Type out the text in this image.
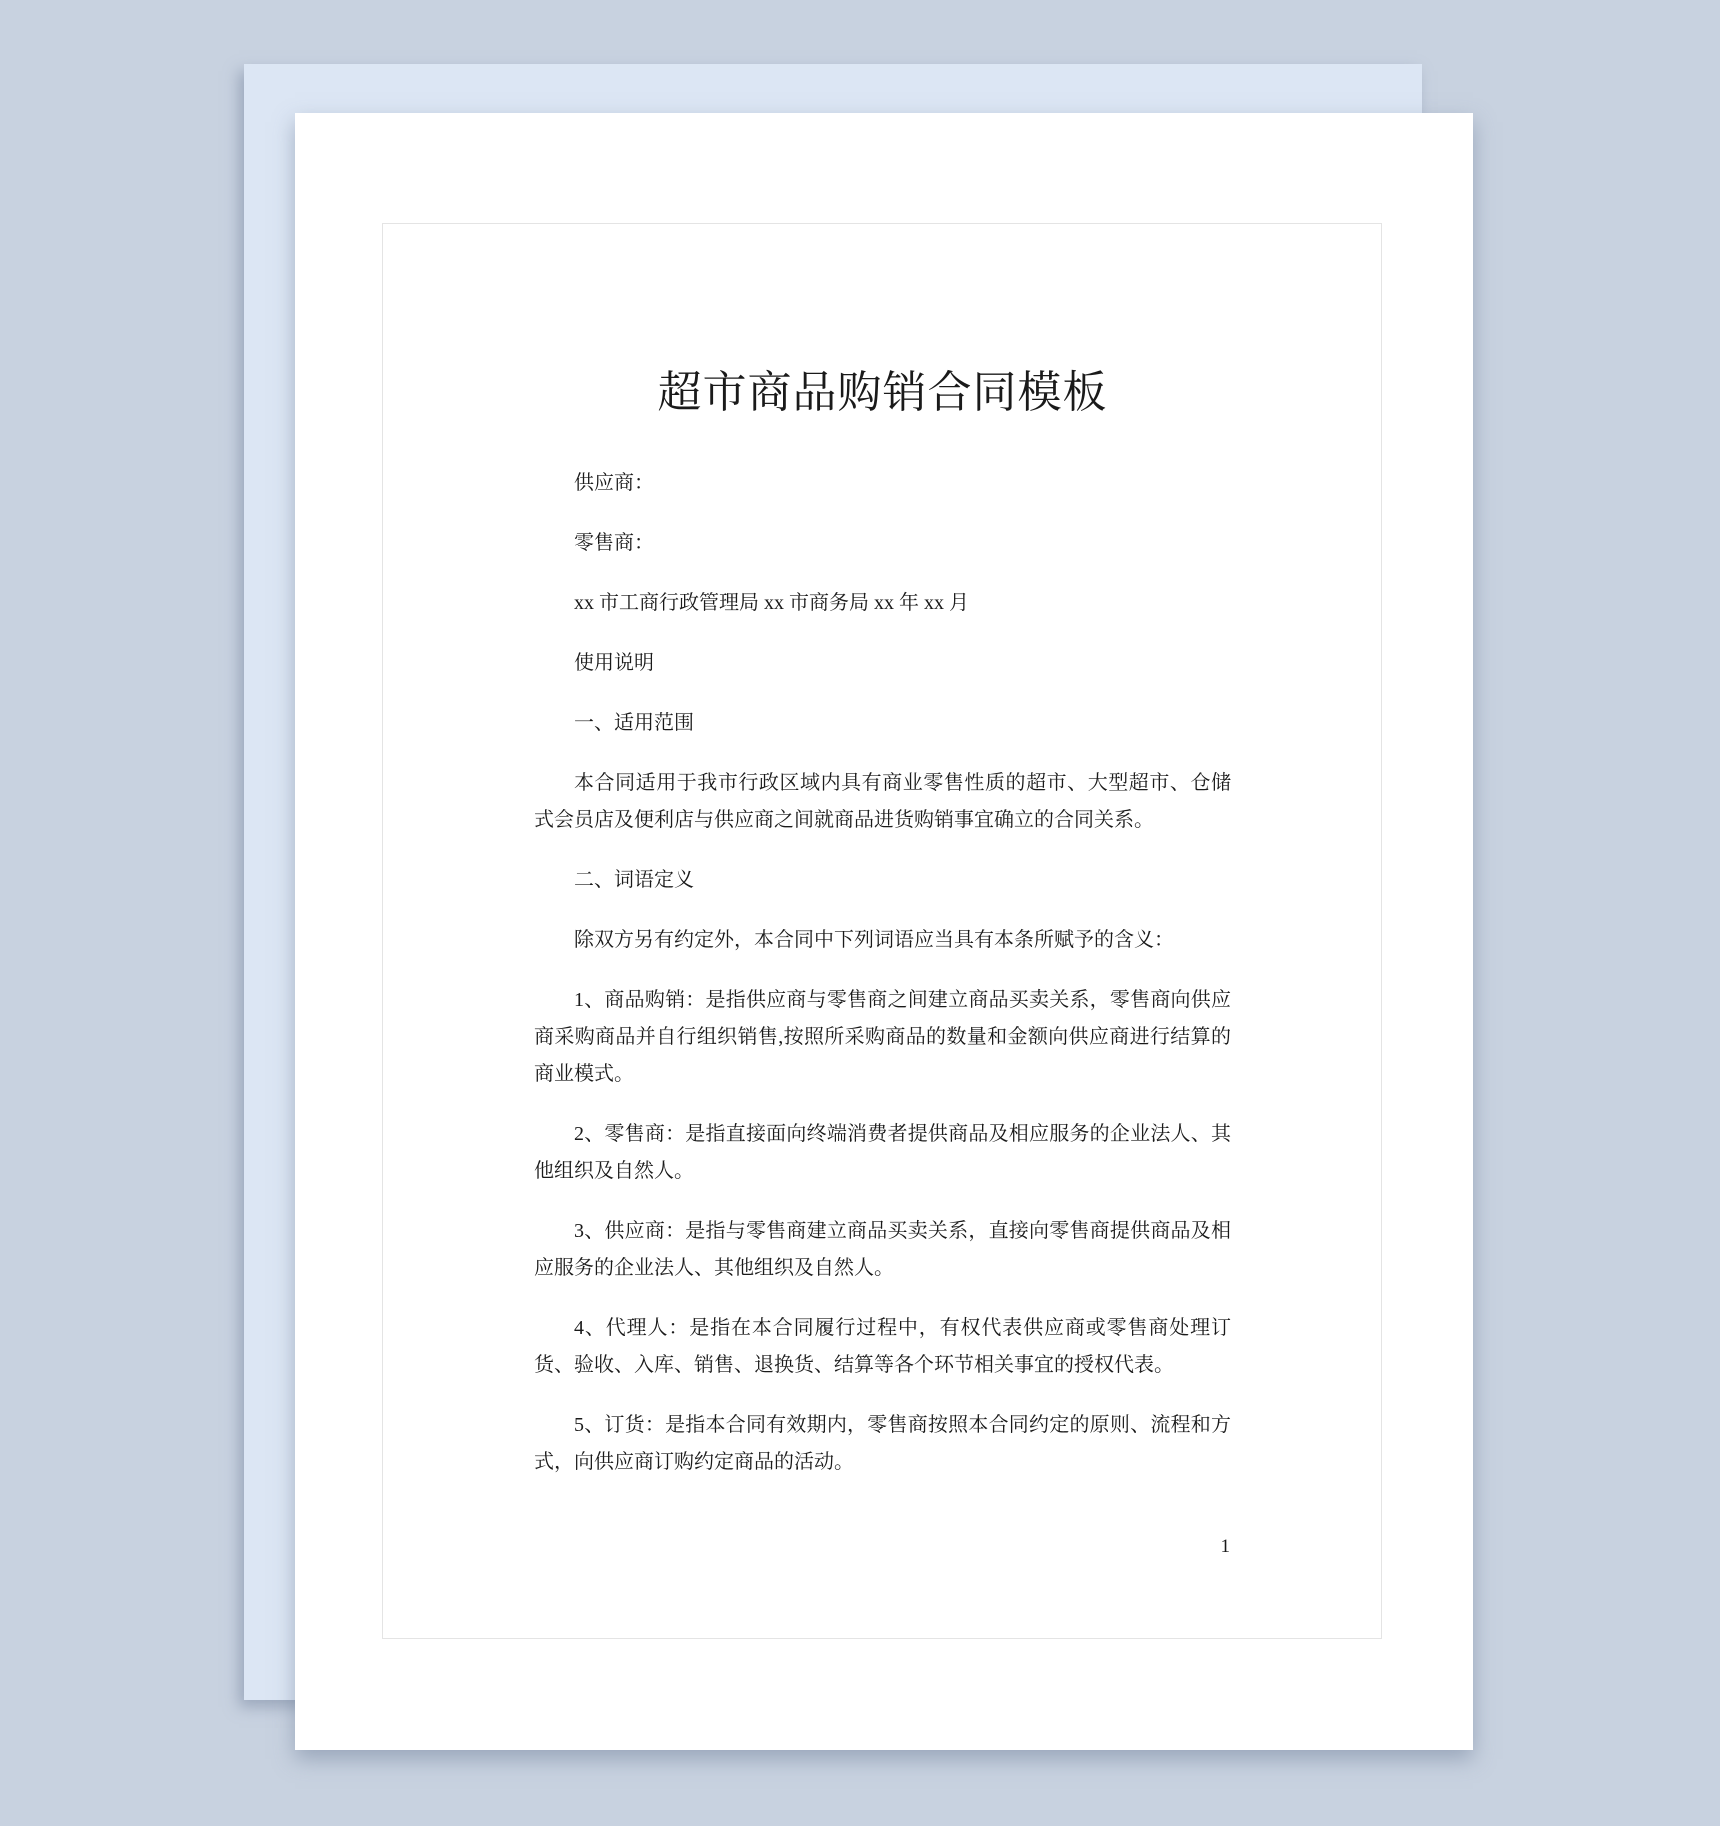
超市商品购销合同模板

供应商：

零售商：

xx 市工商行政管理局 xx 市商务局 xx 年 xx 月

使用说明

一、适用范围

本合同适用于我市行政区域内具有商业零售性质的超市、大型超市、仓储式会员店及便利店与供应商之间就商品进货购销事宜确立的合同关系。

二、词语定义

除双方另有约定外，本合同中下列词语应当具有本条所赋予的含义：

1、商品购销：是指供应商与零售商之间建立商品买卖关系，零售商向供应商采购商品并自行组织销售,按照所采购商品的数量和金额向供应商进行结算的商业模式。

2、零售商：是指直接面向终端消费者提供商品及相应服务的企业法人、其他组织及自然人。

3、供应商：是指与零售商建立商品买卖关系，直接向零售商提供商品及相应服务的企业法人、其他组织及自然人。

4、代理人：是指在本合同履行过程中，有权代表供应商或零售商处理订货、验收、入库、销售、退换货、结算等各个环节相关事宜的授权代表。

5、订货：是指本合同有效期内，零售商按照本合同约定的原则、流程和方式，向供应商订购约定商品的活动。

1
